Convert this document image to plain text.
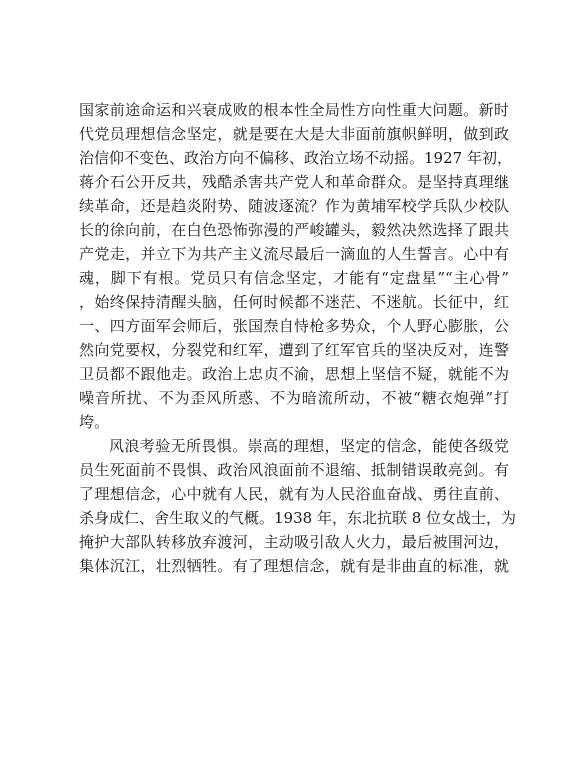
国家前途命运和兴衰成败的根本性全局性方向性重大问题。新时
代党员理想信念坚定，就是要在大是大非面前旗帜鲜明，做到政
治信仰不变色、政治方向不偏移、政治立场不动摇。1927 年初，
蒋介石公开反共，残酷杀害共产党人和革命群众。是坚持真理继
续革命，还是趋炎附势、随波逐流？作为黄埔军校学兵队少校队
长的徐向前，在白色恐怖弥漫的严峻罐头，毅然决然选择了跟共
产党走，并立下为共产主义流尽最后一滴血的人生誓言。心中有
魂，脚下有根。党员只有信念坚定，才能有“定盘星”“主心骨”
，始终保持清醒头脑，任何时候都不迷茫、不迷航。长征中，红
一、四方面军会师后，张国焘自恃枪多势众，个人野心膨胀，公
然向党要权，分裂党和红军，遭到了红军官兵的坚决反对，连警
卫员都不跟他走。政治上忠贞不渝，思想上坚信不疑，就能不为
噪音所扰、不为歪风所惑、不为暗流所动，不被“糖衣炮弹”打
垮。
风浪考验无所畏惧。崇高的理想，坚定的信念，能使各级党
员生死面前不畏惧、政治风浪面前不退缩、抵制错误敢亮剑。有
了理想信念，心中就有人民，就有为人民浴血奋战、勇往直前、
杀身成仁、舍生取义的气概。1938 年，东北抗联 8 位女战士，为
掩护大部队转移放弃渡河，主动吸引敌人火力，最后被围河边，
集体沉江，壮烈牺牲。有了理想信念，就有是非曲直的标准，就
